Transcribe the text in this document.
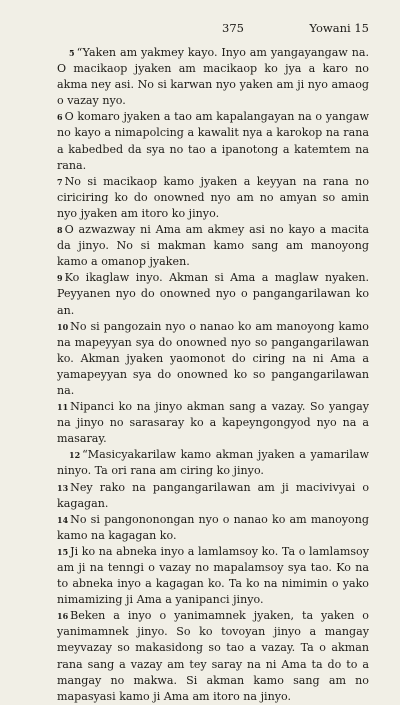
375	Yowani 15

5 “Yaken am yakmey kayo. Inyo am yangayangaw na. O macikaop jyaken am macikaop ko jya a karo no akma ney asi. No si karwan nyo yaken am ji nyo amaog o vazay nyo.

6 O komaro jyaken a tao am kapalangayan na o yangaw no kayo a nimapolcing a kawalit nya a karokop na rana a kabedbed da sya no tao a ipanotong a katemtem na rana.

7 No si macikaop kamo jyaken a keyyan na rana no ciriciring ko do onowned nyo am no amyan so amin nyo jyaken am itoro ko jinyo.

8 O azwazway ni Ama am akmey asi no kayo a macita da jinyo. No si makman kamo sang am manoyong kamo a omanop jyaken.

9 Ko ikaglaw inyo. Akman si Ama a maglaw nyaken. Peyyanen nyo do onowned nyo o pangangarilawan ko an.

10 No si pangozain nyo o nanao ko am manoyong kamo na mapeyyan sya do onowned nyo so pangangarilawan ko. Akman jyaken yaomonot do ciring na ni Ama a yamapeyyan sya do onowned ko so pangangarilawan na.

11 Nipanci ko na jinyo akman sang a vazay. So yangay na jinyo no sarasaray ko a kapeyngongyod nyo na a masaray.

12 “Masicyakarilaw kamo akman jyaken a yamarilaw ninyo. Ta ori rana am ciring ko jinyo.

13 Ney rako na pangangarilawan am ji macivivyai o kagagan.

14 No si pangononongan nyo o nanao ko am manoyong kamo na kagagan ko.

15 Ji ko na abneka inyo a lamlamsoy ko. Ta o lamlamsoy am ji na tenngi o vazay no mapalamsoy sya tao. Ko na to abneka inyo a kagagan ko. Ta ko na nimimin o yako nimamizing ji Ama a yanipanci jinyo.

16 Beken a inyo o yanimamnek jyaken, ta yaken o yanimamnek jinyo. So ko tovoyan jinyo a mangay meyvazay so makasidong so tao a vazay. Ta o akman rana sang a vazay am tey saray na ni Ama ta do to a mangay no makwa. Si akman kamo sang am no mapasyasi kamo ji Ama am itoro na jinyo.
